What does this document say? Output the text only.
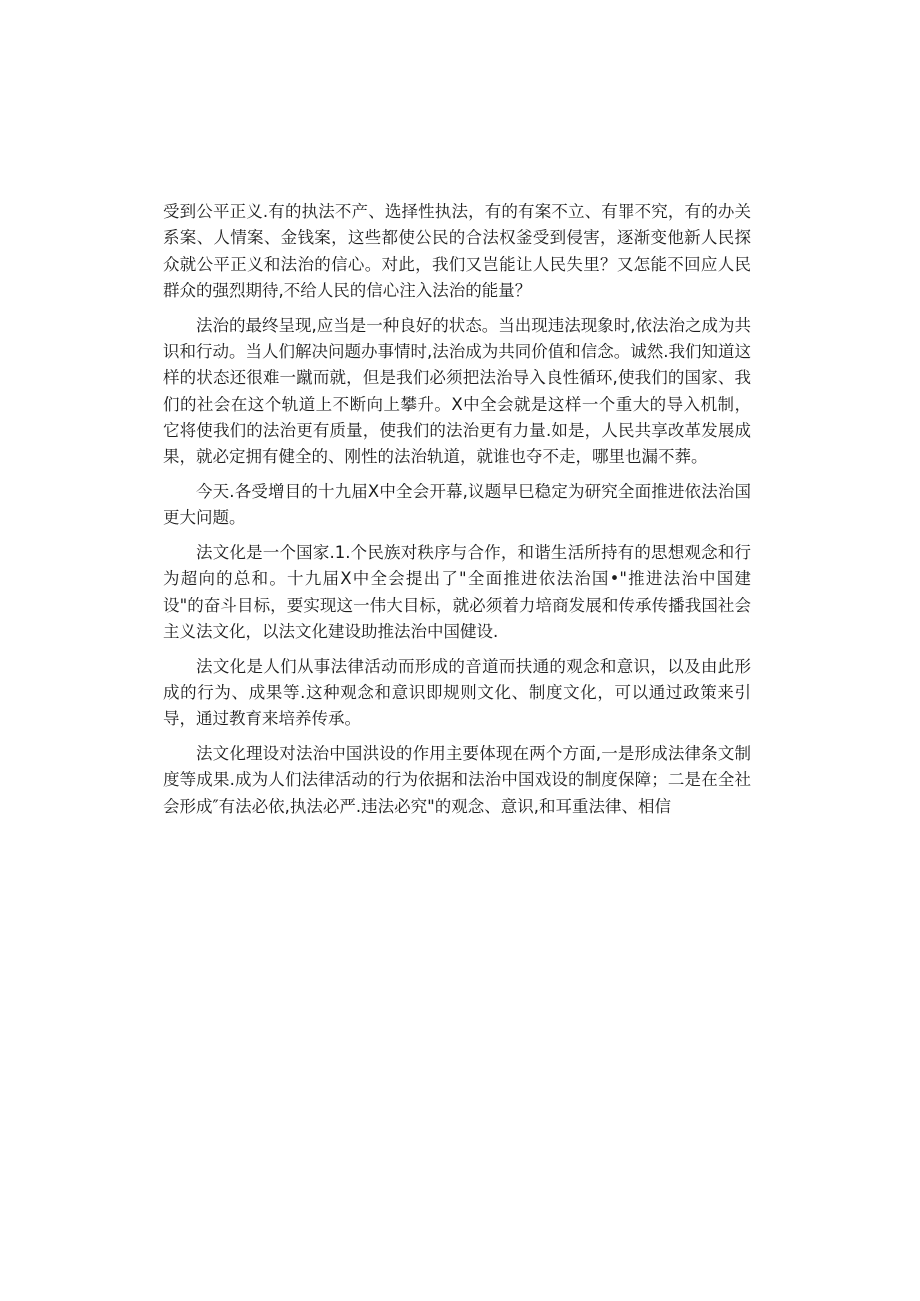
受到公平正义.有的执法不产、选择性执法，有的有案不立、有罪不究，有的办关系案、人情案、金钱案，这些都使公民的合法权釜受到侵害，逐渐变他新人民探众就公平正义和法治的信心。对此，我们又岂能让人民失里？又怎能不回应人民群众的强烈期待,不给人民的信心注入法治的能量？

法治的最终呈现,应当是一种良好的状态。当出现违法现象时,依法治之成为共识和行动。当人们解决问题办事情时,法治成为共同价值和信念。诚然.我们知道这样的状态还很难一蹴而就，但是我们必须把法治导入良性循环,使我们的国家、我们的社会在这个轨道上不断向上攀升。X中全会就是这样一个重大的导入机制，它将使我们的法治更有质量，使我们的法治更有力量.如是，人民共享改革发展成果，就必定拥有健全的、刚性的法治轨道，就谁也夺不走，哪里也漏不葬。

今天.各受增目的十九届X中全会开幕,议题早巳稳定为研究全面推进依法治国更大问题。

法文化是一个国家.1.个民族对秩序与合作，和谐生活所持有的思想观念和行为超向的总和。十九届X中全会提出了"全面推进依法治国•"推进法治中国建设"的奋斗目标，要实现这一伟大目标，就必须着力培商发展和传承传播我国社会主义法文化，以法文化建设助推法治中国健设.

法文化是人们从事法律活动而形成的音道而扶通的观念和意识，以及由此形成的行为、成果等.这种观念和意识即规则文化、制度文化，可以通过政策来引导，通过教育来培养传承。

法文化理设对法治中国洪设的作用主要体现在两个方面,一是形成法律条文制度等成果.成为人们法律活动的行为依据和法治中国戏设的制度保障；二是在全社会形成″有法必依,执法必严.违法必究"的观念、意识,和耳重法律、相信
